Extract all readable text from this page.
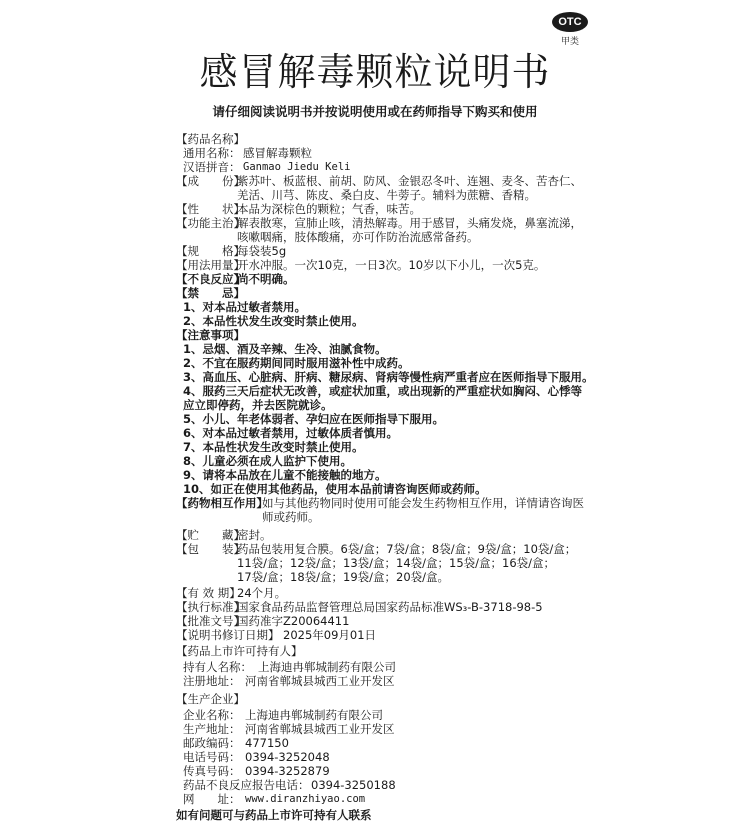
OTC
甲类
感冒解毒颗粒说明书
请仔细阅读说明书并按说明使用或在药师指导下购买和使用
【药品名称】
通用名称： 感冒解毒颗粒
汉语拼音： Ganmao Jiedu Keli
【成　　份】
紫苏叶、板蓝根、前胡、防风、金银忍冬叶、连翘、麦冬、苦杏仁、
羌活、川芎、陈皮、桑白皮、牛蒡子。辅料为蔗糖、香精。
【性　　状】
本品为深棕色的颗粒；气香，味苦。
【功能主治】
解表散寒，宣肺止咳，清热解毒。用于感冒，头痛发烧，鼻塞流涕，
咳嗽咽痛，肢体酸痛，亦可作防治流感常备药。
【规　　格】
每袋装5g
【用法用量】
开水冲服。一次10克，一日3次。10岁以下小儿，一次5克。
【不良反应】
尚不明确。
【禁　　忌】
1、对本品过敏者禁用。
2、本品性状发生改变时禁止使用。
【注意事项】
1、忌烟、酒及辛辣、生冷、油腻食物。
2、不宜在服药期间同时服用滋补性中成药。
3、高血压、心脏病、肝病、糖尿病、肾病等慢性病严重者应在医师指导下服用。
4、服药三天后症状无改善，或症状加重，或出现新的严重症状如胸闷、心悸等
应立即停药，并去医院就诊。
5、小儿、年老体弱者、孕妇应在医师指导下服用。
6、对本品过敏者禁用，过敏体质者慎用。
7、本品性状发生改变时禁止使用。
8、儿童必须在成人监护下使用。
9、请将本品放在儿童不能接触的地方。
10、如正在使用其他药品，使用本品前请咨询医师或药师。
【药物相互作用】
如与其他药物同时使用可能会发生药物相互作用，详情请咨询医
师或药师。
【贮　　藏】
密封。
【包　　装】
药品包装用复合膜。6袋/盒；7袋/盒；8袋/盒；9袋/盒；10袋/盒；
11袋/盒；12袋/盒；13袋/盒；14袋/盒；15袋/盒；16袋/盒；
17袋/盒；18袋/盒；19袋/盒；20袋/盒。
【有 效 期】
24个月。
【执行标准】
国家食品药品监督管理总局国家药品标准WS₃-B-3718-98-5
【批准文号】
国药准字Z20064411
【说明书修订日期】 2025年09月01日
【药品上市许可持有人】
持有人名称： 上海迪冉郸城制药有限公司
注册地址： 河南省郸城县城西工业开发区
【生产企业】
企业名称： 上海迪冉郸城制药有限公司
生产地址： 河南省郸城县城西工业开发区
邮政编码： 477150
电话号码： 0394-3252048
传真号码： 0394-3252879
药品不良反应报告电话： 0394-3250188
网　　址： www.diranzhiyao.com
如有问题可与药品上市许可持有人联系
